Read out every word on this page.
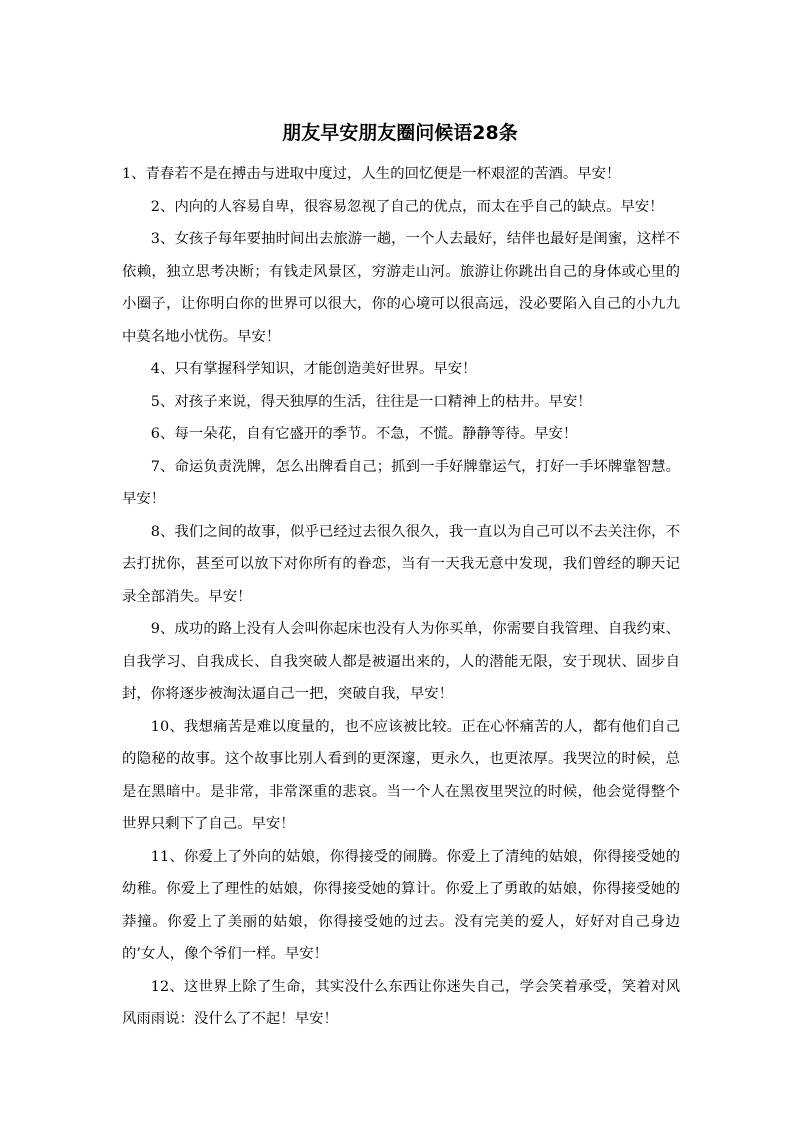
朋友早安朋友圈问候语28条

1、青春若不是在搏击与进取中度过，人生的回忆便是一杯艰涩的苦酒。早安！

2、内向的人容易自卑，很容易忽视了自己的优点，而太在乎自己的缺点。早安！

3、女孩子每年要抽时间出去旅游一趟，一个人去最好，结伴也最好是闺蜜，这样不依赖，独立思考决断；有钱走风景区，穷游走山河。旅游让你跳出自己的身体或心里的小圈子，让你明白你的世界可以很大，你的心境可以很高远，没必要陷入自己的小九九中莫名地小忧伤。早安！

4、只有掌握科学知识，才能创造美好世界。早安！

5、对孩子来说，得天独厚的生活，往往是一口精神上的枯井。早安！

6、每一朵花，自有它盛开的季节。不急，不慌。静静等待。早安！

7、命运负责洗牌，怎么出牌看自己；抓到一手好牌靠运气，打好一手坏牌靠智慧。早安！

8、我们之间的故事，似乎已经过去很久很久，我一直以为自己可以不去关注你，不去打扰你，甚至可以放下对你所有的眷恋，当有一天我无意中发现，我们曾经的聊天记录全部消失。早安！

9、成功的路上没有人会叫你起床也没有人为你买单，你需要自我管理、自我约束、自我学习、自我成长、自我突破人都是被逼出来的，人的潜能无限，安于现状、固步自封，你将逐步被淘汰逼自己一把，突破自我，早安！

10、我想痛苦是难以度量的，也不应该被比较。正在心怀痛苦的人，都有他们自己的隐秘的故事。这个故事比别人看到的更深邃，更永久，也更浓厚。我哭泣的时候，总是在黑暗中。是非常，非常深重的悲哀。当一个人在黑夜里哭泣的时候，他会觉得整个世界只剩下了自己。早安！

11、你爱上了外向的姑娘，你得接受的闹腾。你爱上了清纯的姑娘，你得接受她的幼稚。你爱上了理性的姑娘，你得接受她的算计。你爱上了勇敢的姑娘，你得接受她的莽撞。你爱上了美丽的姑娘，你得接受她的过去。没有完美的爱人，好好对自己身边的’女人，像个爷们一样。早安！

12、这世界上除了生命，其实没什么东西让你迷失自己，学会笑着承受，笑着对风风雨雨说：没什么了不起！早安！
